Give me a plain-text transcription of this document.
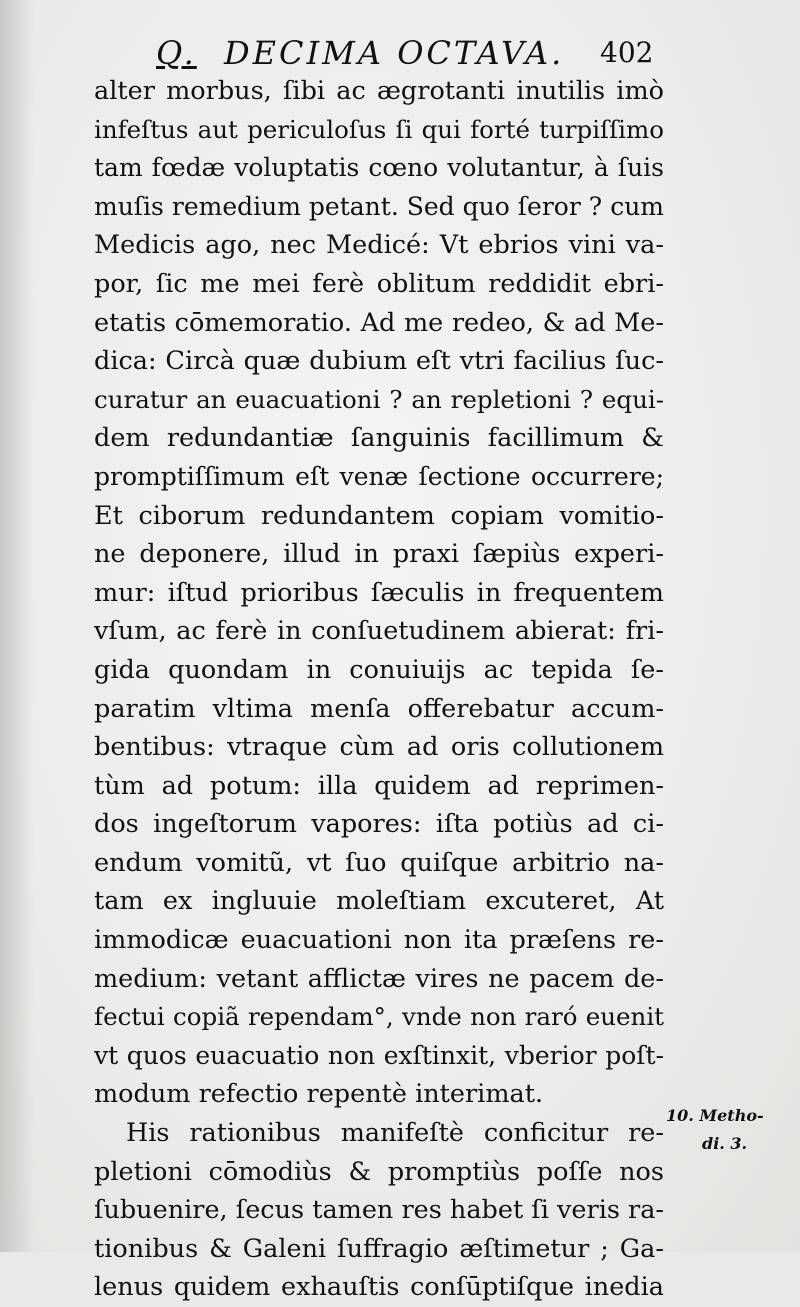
Q. DECIMA OCTAVA. 402
alter morbus, ſibi ac ægrotanti inutilis imò
infeſtus aut periculoſus ſi qui forté turpiſſimo
tam fœdæ voluptatis cœno volutantur, à ſuis
muſis remedium petant. Sed quo ſeror ? cum
Medicis ago, nec Medicé: Vt ebrios vini va-
por, ſic me mei ferè oblitum reddidit ebri-
etatis cōmemoratio. Ad me redeo, & ad Me-
dica: Circà quæ dubium eſt vtri facilius ſuc-
curatur an euacuationi ? an repletioni ? equi-
dem redundantiæ ſanguinis facillimum &
promptiſſimum eſt venæ ſectione occurrere;
Et ciborum redundantem copiam vomitio-
ne deponere, illud in praxi ſæpiùs experi-
mur: iſtud prioribus ſæculis in frequentem
vſum, ac ferè in conſuetudinem abierat: fri-
gida quondam in conuiuijs ac tepida ſe-
paratim vltima menſa offerebatur accum-
bentibus: vtraque cùm ad oris collutionem
tùm ad potum: illa quidem ad reprimen-
dos ingeſtorum vapores: iſta potiùs ad ci-
endum vomitũ, vt ſuo quiſque arbitrio na-
tam ex ingluuie moleſtiam excuteret, At
immodicæ euacuationi non ita præſens re-
medium: vetant afflictæ vires ne pacem de-
fectui copiã rependam°, vnde non raró euenit
vt quos euacuatio non exſtinxit, vberior poſt-
modum refectio repentè interimat.
His rationibus manifeſtè conficitur re-
pletioni cōmodiùs & promptiùs poſſe nos
ſubuenire, ſecus tamen res habet ſi veris ra-
tionibus & Galeni ſuffragio æſtimetur ; Ga-
lenus quidem exhauſtis conſūptiſque inedia
10. Metho-
di. 3.
